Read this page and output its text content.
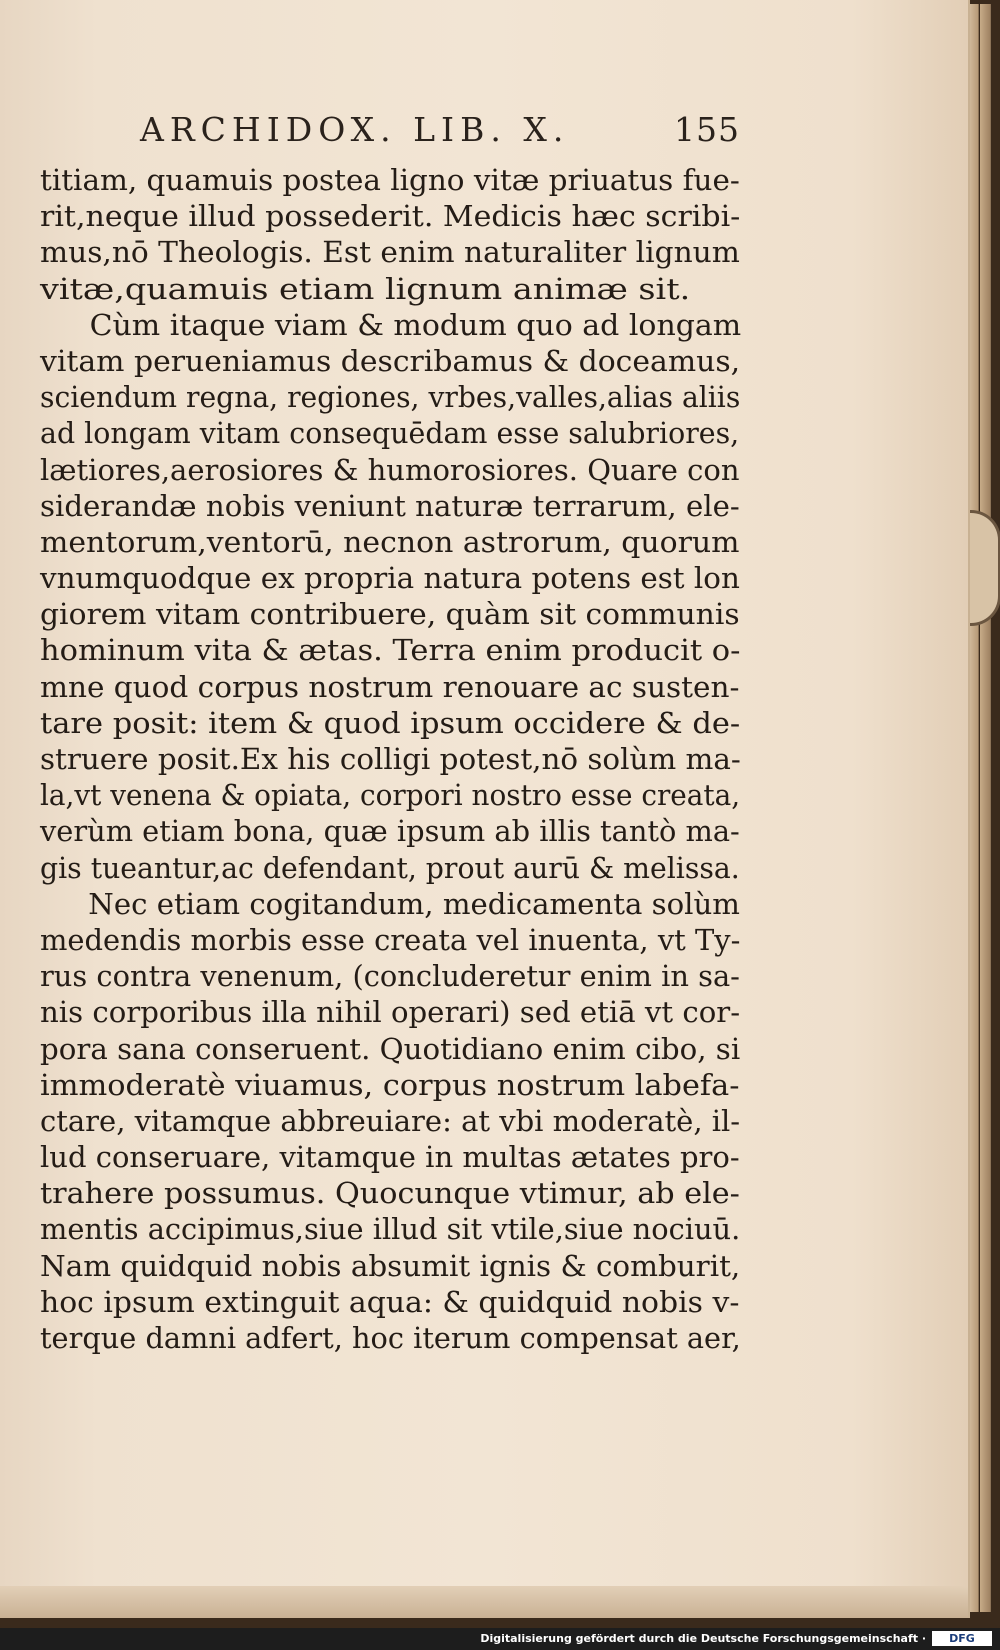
ARCHIDOX. LIB. X.	155
titiam, quamuis postea ligno vitæ priuatus fue-
rit,neque illud possederit. Medicis hæc scribi-
mus,nō Theologis. Est enim naturaliter lignum
vitæ,quamuis etiam lignum animæ sit.
Cùm itaque viam & modum quo ad longam
vitam perueniamus describamus & doceamus,
sciendum regna, regiones, vrbes,valles,alias aliis
ad longam vitam consequēdam esse salubriores,
lætiores,aerosiores & humorosiores. Quare con
siderandæ nobis veniunt naturæ terrarum, ele-
mentorum,ventorū, necnon astrorum, quorum
vnumquodque ex propria natura potens est lon
giorem vitam contribuere, quàm sit communis
hominum vita & ætas. Terra enim producit o-
mne quod corpus nostrum renouare ac susten-
tare posit: item & quod ipsum occidere & de-
struere posit.Ex his colligi potest,nō solùm ma-
la,vt venena & opiata, corpori nostro esse creata,
verùm etiam bona, quæ ipsum ab illis tantò ma-
gis tueantur,ac defendant, prout aurū & melissa.
Nec etiam cogitandum, medicamenta solùm
medendis morbis esse creata vel inuenta, vt Ty-
rus contra venenum, (concluderetur enim in sa-
nis corporibus illa nihil operari) sed etiā vt cor-
pora sana conseruent. Quotidiano enim cibo, si
immoderatè viuamus, corpus nostrum labefa-
ctare, vitamque abbreuiare: at vbi moderatè, il-
lud conseruare, vitamque in multas ætates pro-
trahere possumus. Quocunque vtimur, ab ele-
mentis accipimus,siue illud sit vtile,siue nociuū.
Nam quidquid nobis absumit ignis & comburit,
hoc ipsum extinguit aqua: & quidquid nobis v-
terque damni adfert, hoc iterum compensat aer,
Digitalisierung gefördert durch die Deutsche Forschungsgemeinschaft ·	DFG
